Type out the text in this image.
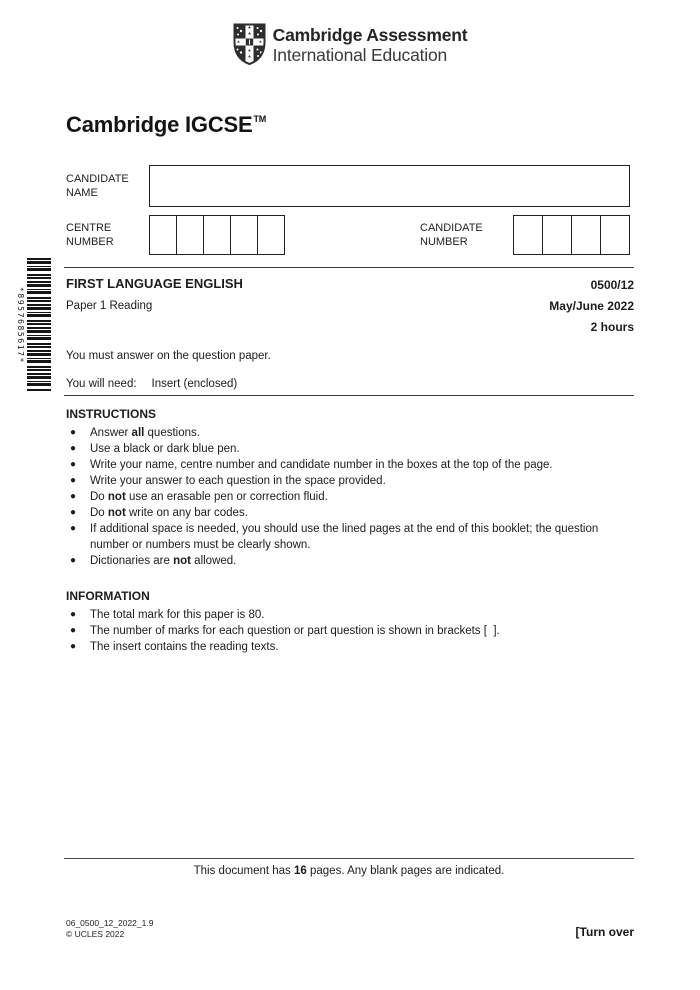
Cambridge Assessment
International Education
Cambridge IGCSE™
CANDIDATE NAME
CENTRE NUMBER
CANDIDATE NUMBER
*8957685617*
FIRST LANGUAGE ENGLISH
Paper 1 Reading
0500/12
May/June 2022
2 hours
You must answer on the question paper.
You will need: Insert (enclosed)
INSTRUCTIONS
●	Answer all questions.
●	Use a black or dark blue pen.
●	Write your name, centre number and candidate number in the boxes at the top of the page.
●	Write your answer to each question in the space provided.
●	Do not use an erasable pen or correction fluid.
●	Do not write on any bar codes.
●	If additional space is needed, you should use the lined pages at the end of this booklet; the question number or numbers must be clearly shown.
●	Dictionaries are not allowed.
INFORMATION
●	The total mark for this paper is 80.
●	The number of marks for each question or part question is shown in brackets [  ].
●	The insert contains the reading texts.
This document has 16 pages. Any blank pages are indicated.
06_0500_12_2022_1.9
© UCLES 2022	[Turn over
